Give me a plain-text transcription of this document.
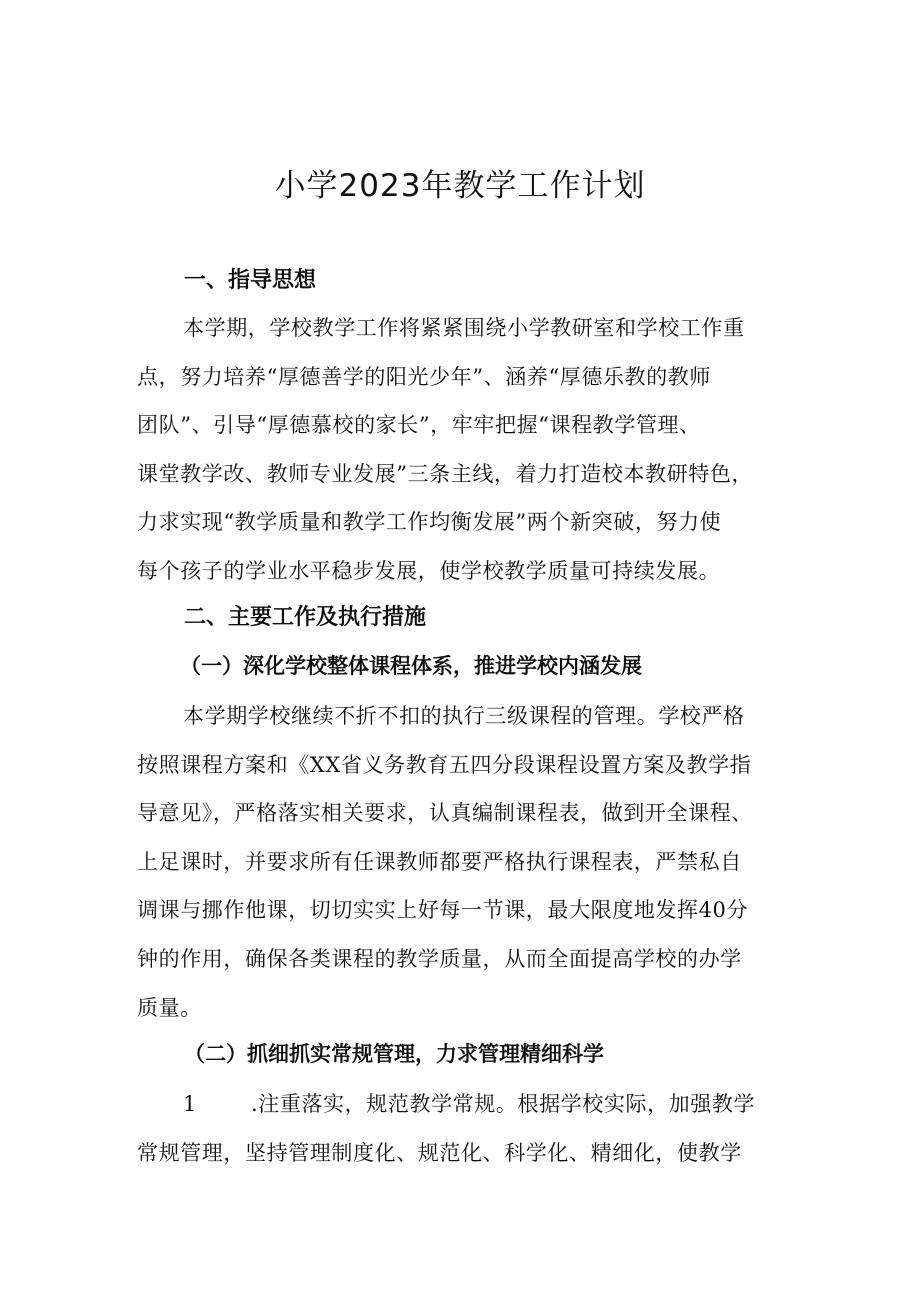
小学2023年教学工作计划
一、指导思想
本学期，学校教学工作将紧紧围绕小学教研室和学校工作重
点，努力培养“厚德善学的阳光少年”、涵养“厚德乐教的教师
团队”、引导“厚德慕校的家长”，牢牢把握“课程教学管理、
课堂教学改、教师专业发展”三条主线，着力打造校本教研特色，
力求实现“教学质量和教学工作均衡发展”两个新突破，努力使
每个孩子的学业水平稳步发展，使学校教学质量可持续发展。
二、主要工作及执行措施
（一）深化学校整体课程体系，推进学校内涵发展
本学期学校继续不折不扣的执行三级课程的管理。学校严格
按照课程方案和《XX省义务教育五四分段课程设置方案及教学指
导意见》，严格落实相关要求，认真编制课程表，做到开全课程、
上足课时，并要求所有任课教师都要严格执行课程表，严禁私自
调课与挪作他课，切切实实上好每一节课，最大限度地发挥40分
钟的作用，确保各类课程的教学质量，从而全面提高学校的办学
质量。
（二）抓细抓实常规管理，力求管理精细科学
1	.注重落实，规范教学常规。根据学校实际，加强教学
常规管理，坚持管理制度化、规范化、科学化、精细化，使教学
